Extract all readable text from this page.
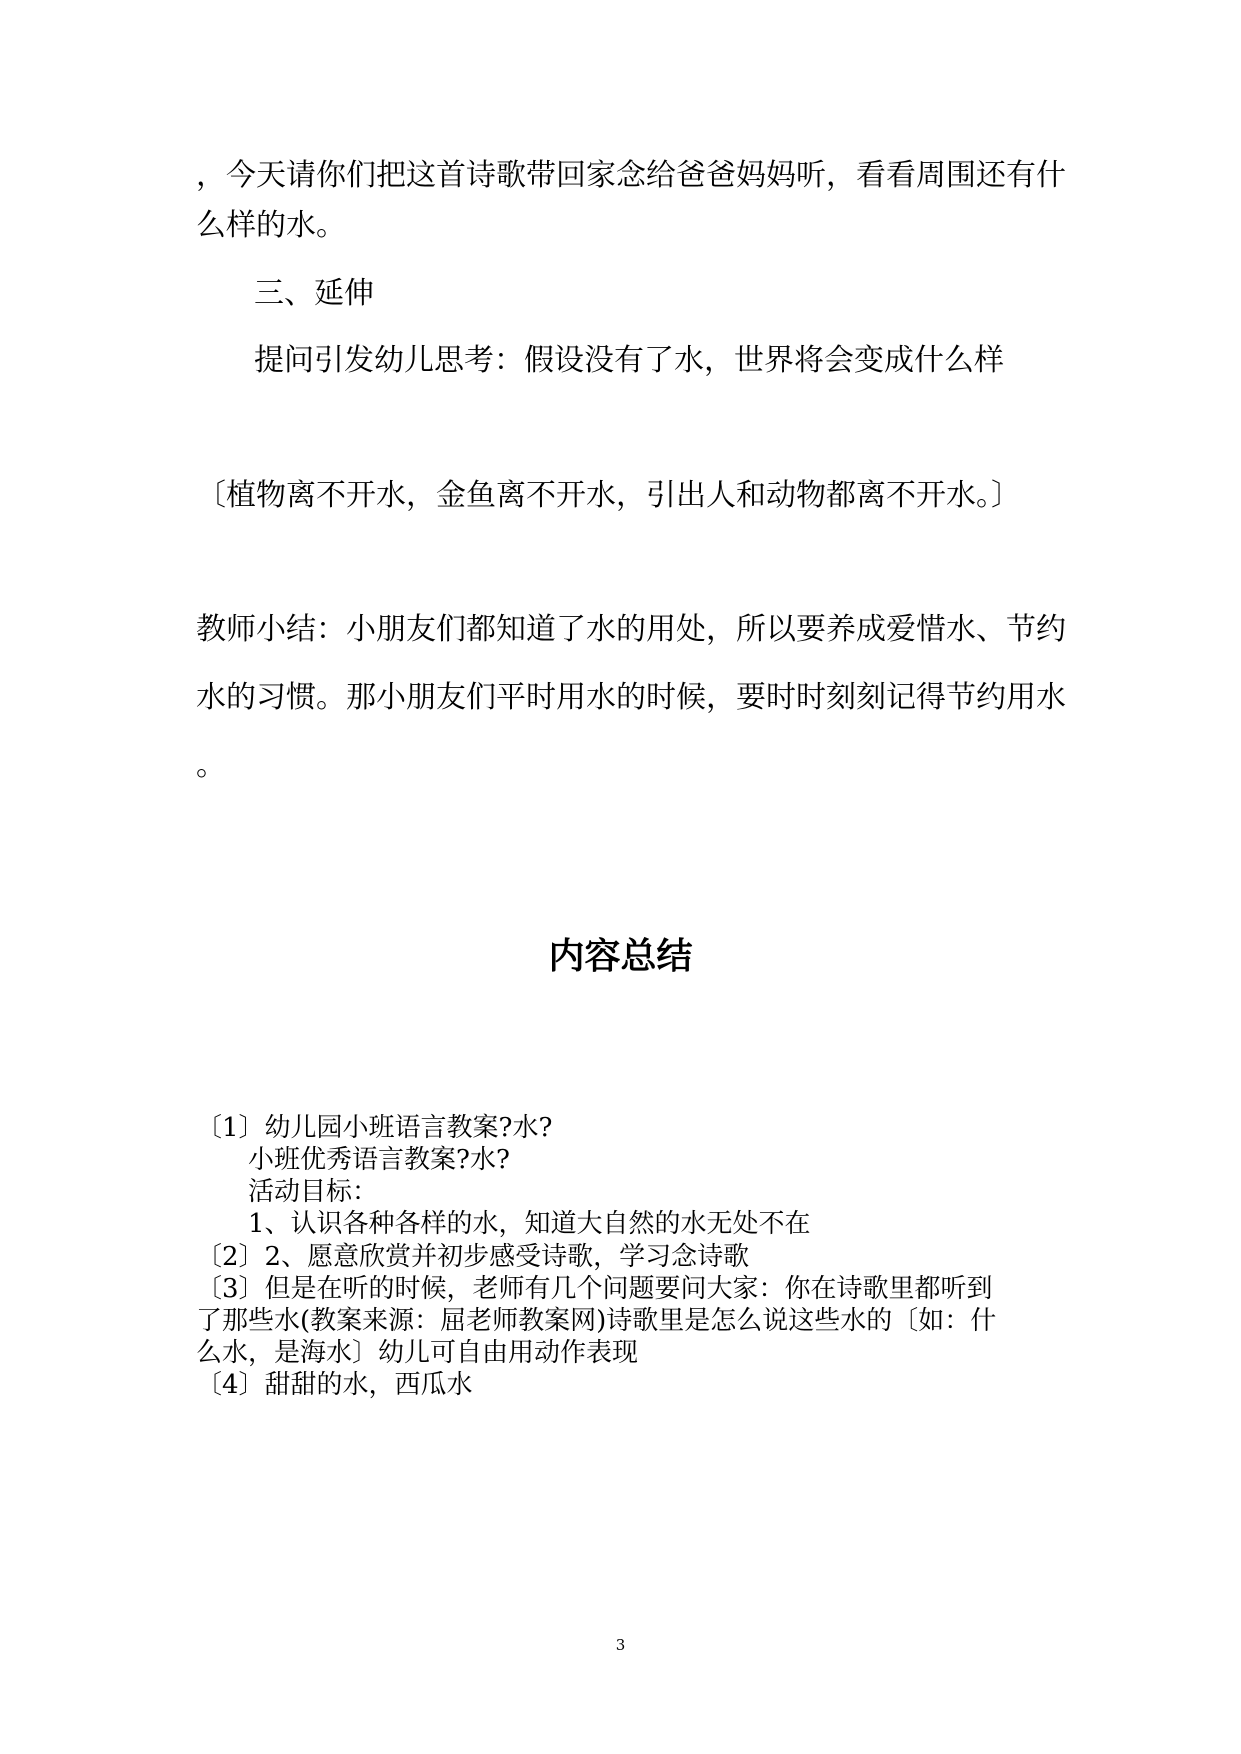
，今天请你们把这首诗歌带回家念给爸爸妈妈听，看看周围还有什
么样的水。
三、延伸
提问引发幼儿思考：假设没有了水，世界将会变成什么样
〔植物离不开水，金鱼离不开水，引出人和动物都离不开水。〕
教师小结：小朋友们都知道了水的用处，所以要养成爱惜水、节约
水的习惯。那小朋友们平时用水的时候，要时时刻刻记得节约用水
。
内容总结
〔1〕幼儿园小班语言教案?水?
小班优秀语言教案?水?
活动目标：
1、认识各种各样的水，知道大自然的水无处不在
〔2〕2、愿意欣赏并初步感受诗歌，学习念诗歌
〔3〕但是在听的时候，老师有几个问题要问大家：你在诗歌里都听到
了那些水(教案来源：屈老师教案网)诗歌里是怎么说这些水的〔如：什
么水，是海水〕幼儿可自由用动作表现
〔4〕甜甜的水，西瓜水
3
